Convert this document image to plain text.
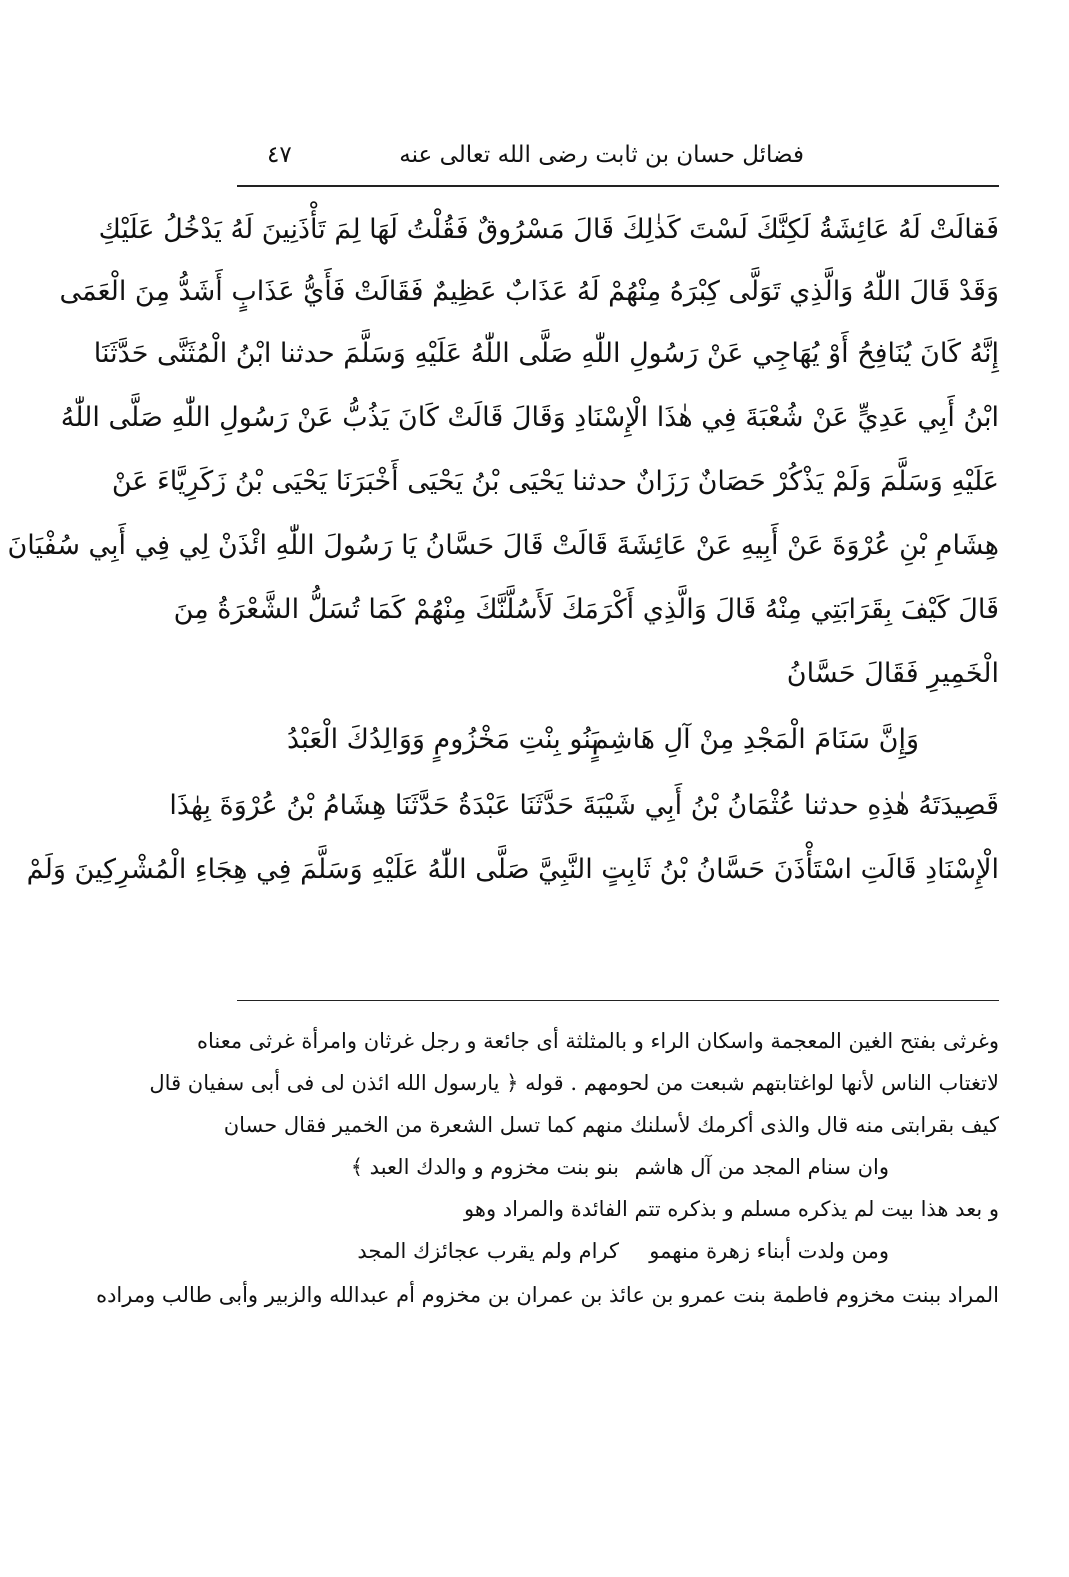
فضائل حسان بن ثابت رضى الله تعالى عنه
٤٧
فَقالَتْ لَهُ عَائِشَةُ لَكِنَّكَ لَسْتَ كَذٰلِكَ قَالَ مَسْرُوقٌ فَقُلْتُ لَهَا لِمَ تَأْذَنِينَ لَهُ يَدْخُلُ عَلَيْكِ
وَقَدْ قَالَ اللّٰهُ وَالَّذِي تَوَلَّى كِبْرَهُ مِنْهُمْ لَهُ عَذَابٌ عَظِيمٌ فَقَالَتْ فَأَيُّ عَذَابٍ أَشَدُّ مِنَ الْعَمَى
إِنَّهُ كَانَ يُنَافِحُ أَوْ يُهَاجِي عَنْ رَسُولِ اللّٰهِ صَلَّى اللّٰهُ عَلَيْهِ وَسَلَّمَ حدثنا ابْنُ الْمُثَنَّى حَدَّثَنَا
ابْنُ أَبِي عَدِيٍّ عَنْ شُعْبَةَ فِي هٰذَا الْإِسْنَادِ وَقَالَ قَالَتْ كَانَ يَذُبُّ عَنْ رَسُولِ اللّٰهِ صَلَّى اللّٰهُ
عَلَيْهِ وَسَلَّمَ وَلَمْ يَذْكُرْ حَصَانٌ رَزَانٌ حدثنا يَحْيَى بْنُ يَحْيَى أَخْبَرَنَا يَحْيَى بْنُ زَكَرِيَّاءَ عَنْ
هِشَامِ بْنِ عُرْوَةَ عَنْ أَبِيهِ عَنْ عَائِشَةَ قَالَتْ قَالَ حَسَّانُ يَا رَسُولَ اللّٰهِ ائْذَنْ لِي فِي أَبِي سُفْيَانَ
قَالَ كَيْفَ بِقَرَابَتِي مِنْهُ قَالَ وَالَّذِي أَكْرَمَكَ لَأَسُلَّنَّكَ مِنْهُمْ كَمَا تُسَلُّ الشَّعْرَةُ مِنَ
الْخَمِيرِ فَقَالَ حَسَّانُ
وَإِنَّ سَنَامَ الْمَجْدِ مِنْ آلِ هَاشِمٍ
بَنُو بِنْتِ مَخْزُومٍ وَوَالِدُكَ الْعَبْدُ
قَصِيدَتَهُ هٰذِهِ حدثنا عُثْمَانُ بْنُ أَبِي شَيْبَةَ حَدَّثَنَا عَبْدَةُ حَدَّثَنَا هِشَامُ بْنُ عُرْوَةَ بِهٰذَا
الْإِسْنَادِ قَالَتِ اسْتَأْذَنَ حَسَّانُ بْنُ ثَابِتٍ النَّبِيَّ صَلَّى اللّٰهُ عَلَيْهِ وَسَلَّمَ فِي هِجَاءِ الْمُشْرِكِينَ وَلَمْ
وغرثى بفتح الغين المعجمة واسكان الراء و بالمثلثة أى جائعة و رجل غرثان وامرأة غرثى معناه
لاتغتاب الناس لأنها لواغتابتهم شبعت من لحومهم . قوله ﴿ يارسول الله ائذن لى فى أبى سفيان قال
كيف بقرابتى منه قال والذى أكرمك لأسلنك منهم كما تسل الشعرة من الخمير فقال حسان
وان سنام المجد من آل هاشم
بنو بنت مخزوم و والدك العبد ﴾
و بعد هذا بيت لم يذكره مسلم و بذكره تتم الفائدة والمراد وهو
ومن ولدت أبناء زهرة منهمو
كرام ولم يقرب عجائزك المجد
المراد ببنت مخزوم فاطمة بنت عمرو بن عائذ بن عمران بن مخزوم أم عبدالله والزبير وأبى طالب ومراده
